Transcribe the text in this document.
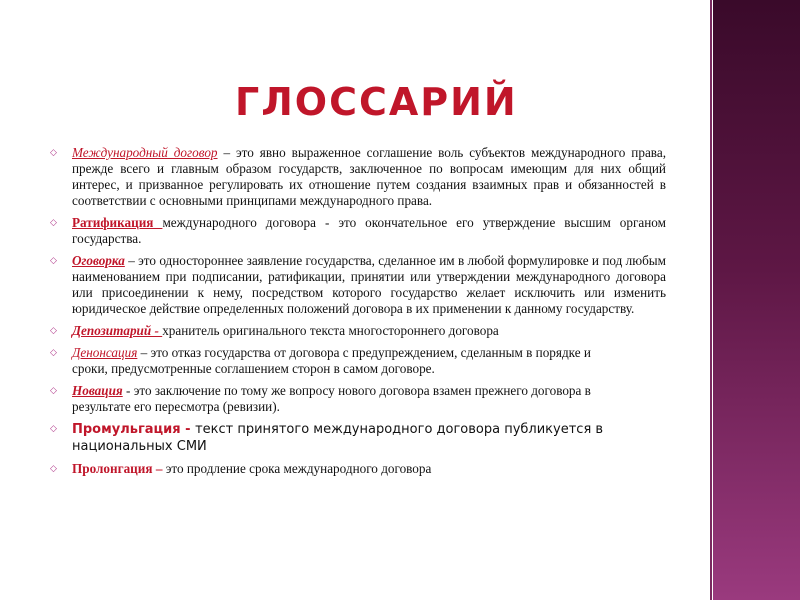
ГЛОССАРИЙ
◇ Международный договор – это явно выраженное соглашение воль субъектов международного права, прежде всего и главным образом государств, заключенное по вопросам имеющим для них общий интерес, и призванное регулировать их отношение путем создания взаимных прав и обязанностей в соответствии с основными принципами международного права.
◇ Ратификация международного договора - это окончательное его утверждение высшим органом государства.
◇ Оговорка – это одностороннее заявление государства, сделанное им в любой формулировке и под любым наименованием при подписании, ратификации, принятии или утверждении международного договора или присоединении к нему, посредством которого государство желает исключить или изменить юридическое действие определенных положений договора в их применении к данному государству.
◇ Депозитарий - хранитель оригинального текста многостороннего договора
◇ Денонсация – это отказ государства от договора с предупреждением, сделанным в порядке и сроки, предусмотренные соглашением сторон в самом договоре.
◇ Новация - это заключение по тому же вопросу нового договора взамен прежнего договора в результате его пересмотра (ревизии).
◇ Промульгация - текст принятого международного договора публикуется в национальных СМИ
◇ Пролонгация – это продление срока международного договора
